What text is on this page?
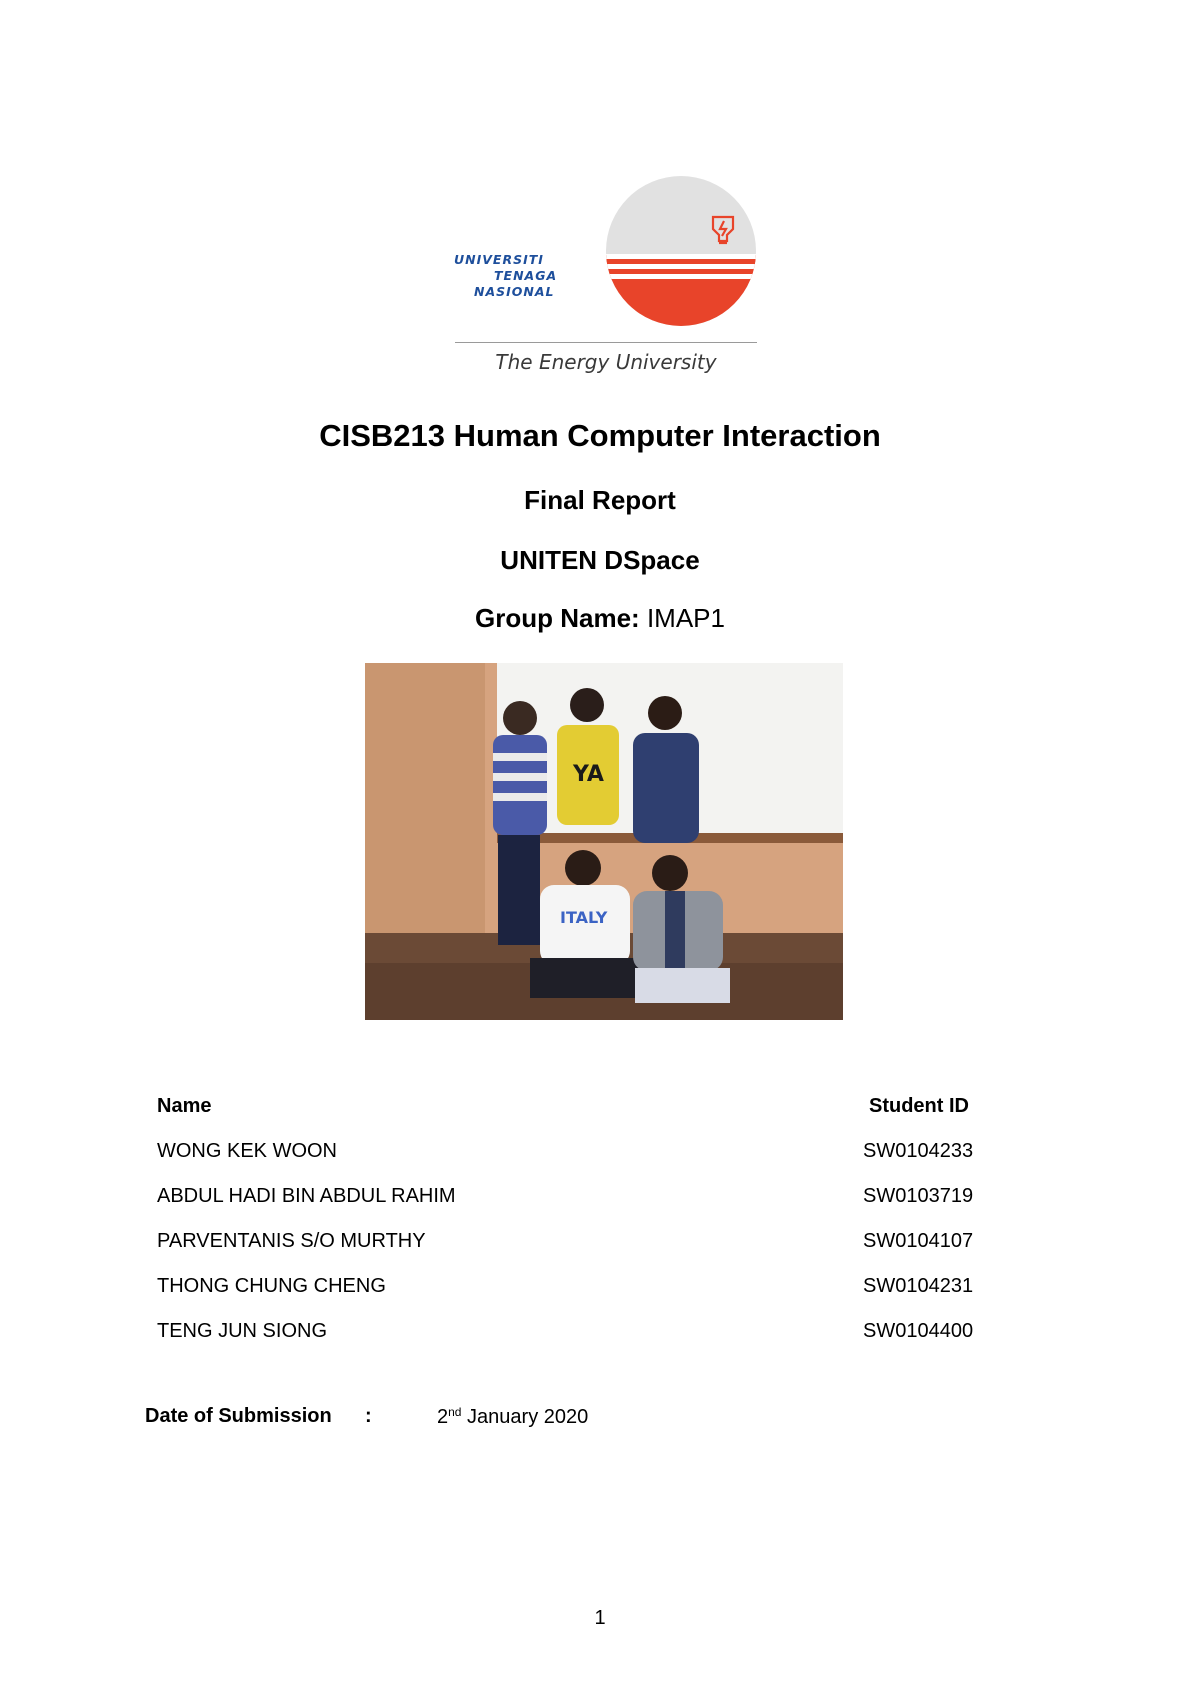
UNIVERSITI
TENAGA
NASIONAL
The Energy University
CISB213 Human Computer Interaction
Final Report
UNITEN DSpace
Group Name: IMAP1
YA
ITALY
Name	Student ID
WONG KEK WOON	SW0104233
ABDUL HADI BIN ABDUL RAHIM	SW0103719
PARVENTANIS S/O MURTHY	SW0104107
THONG CHUNG CHENG	SW0104231
TENG JUN SIONG	SW0104400
Date of Submission :	2nd January 2020
1
